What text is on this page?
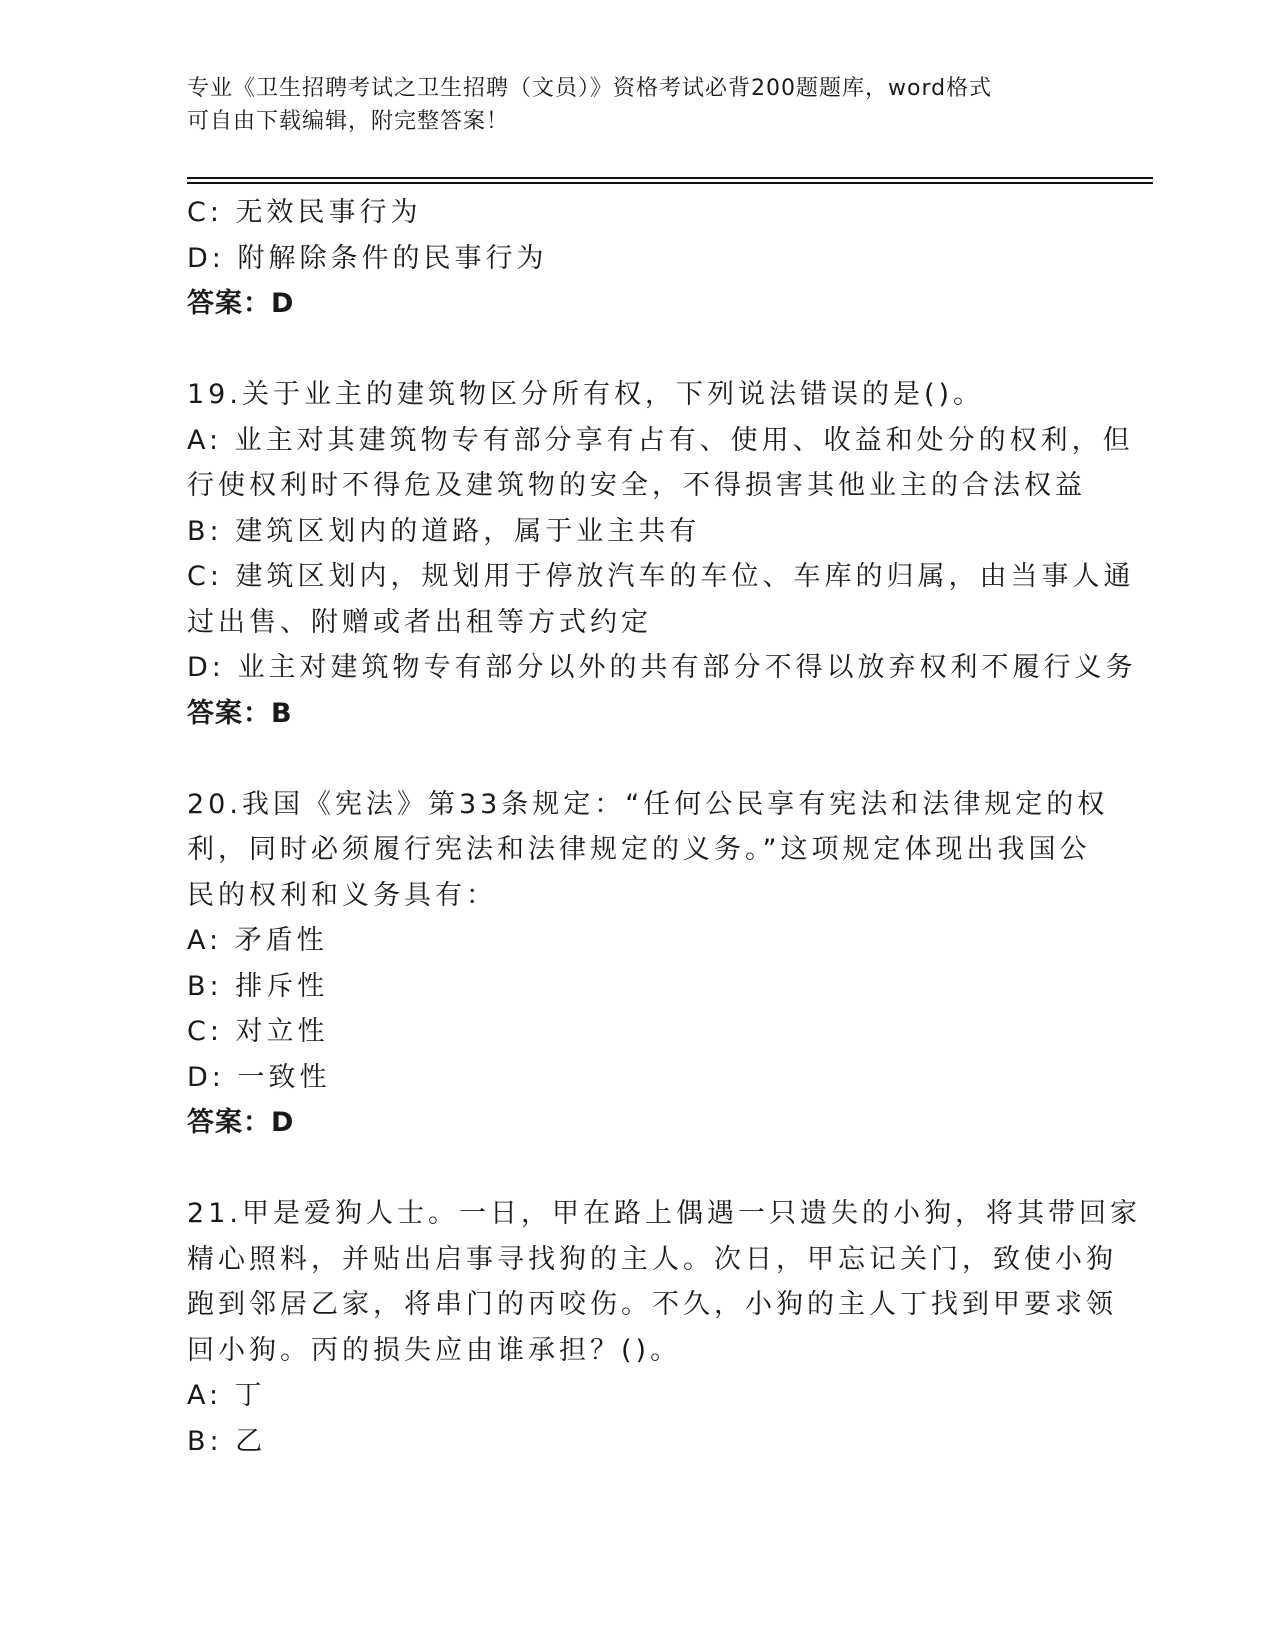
专业《卫生招聘考试之卫生招聘（文员）》资格考试必背200题题库，word格式
可自由下载编辑，附完整答案！
C: 无效民事行为
D: 附解除条件的民事行为
答案：D
19.关于业主的建筑物区分所有权，下列说法错误的是()。
A: 业主对其建筑物专有部分享有占有、使用、收益和处分的权利，但
行使权利时不得危及建筑物的安全，不得损害其他业主的合法权益
B: 建筑区划内的道路，属于业主共有
C: 建筑区划内，规划用于停放汽车的车位、车库的归属，由当事人通
过出售、附赠或者出租等方式约定
D: 业主对建筑物专有部分以外的共有部分不得以放弃权利不履行义务
答案：B
20.我国《宪法》第33条规定：“任何公民享有宪法和法律规定的权
利，同时必须履行宪法和法律规定的义务。”这项规定体现出我国公
民的权利和义务具有：
A: 矛盾性
B: 排斥性
C: 对立性
D: 一致性
答案：D
21.甲是爱狗人士。一日，甲在路上偶遇一只遗失的小狗，将其带回家
精心照料，并贴出启事寻找狗的主人。次日，甲忘记关门，致使小狗
跑到邻居乙家，将串门的丙咬伤。不久，小狗的主人丁找到甲要求领
回小狗。丙的损失应由谁承担？()。
A: 丁
B: 乙
